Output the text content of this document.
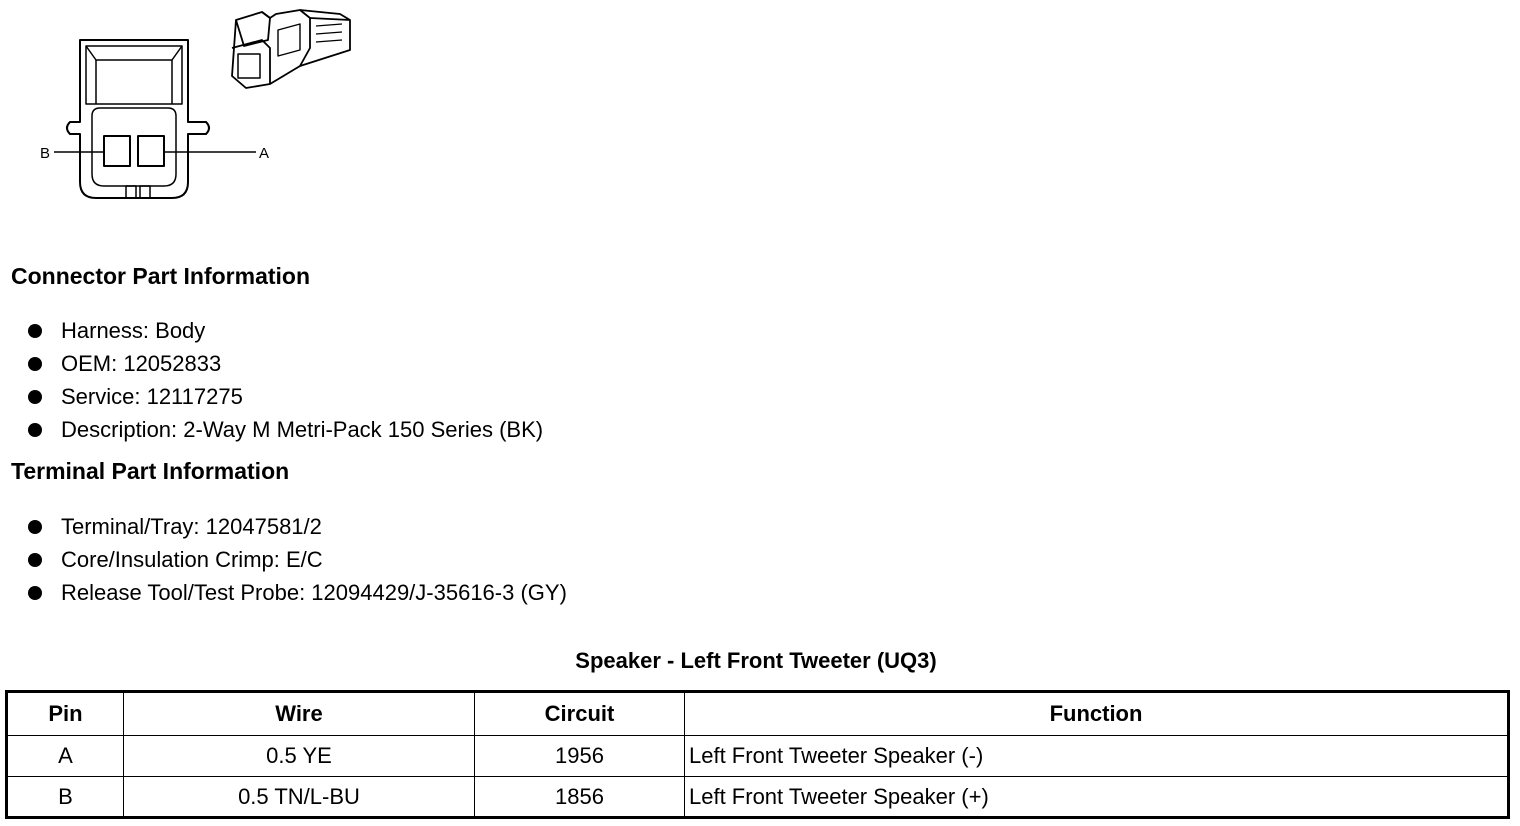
B	A
Connector Part Information
Harness: Body
OEM: 12052833
Service: 12117275
Description: 2-Way M Metri-Pack 150 Series (BK)
Terminal Part Information
Terminal/Tray: 12047581/2
Core/Insulation Crimp: E/C
Release Tool/Test Probe: 12094429/J-35616-3 (GY)
Speaker - Left Front Tweeter (UQ3)
Pin	Wire	Circuit	Function
A	0.5 YE	1956	Left Front Tweeter Speaker (-)
B	0.5 TN/L-BU	1856	Left Front Tweeter Speaker (+)
